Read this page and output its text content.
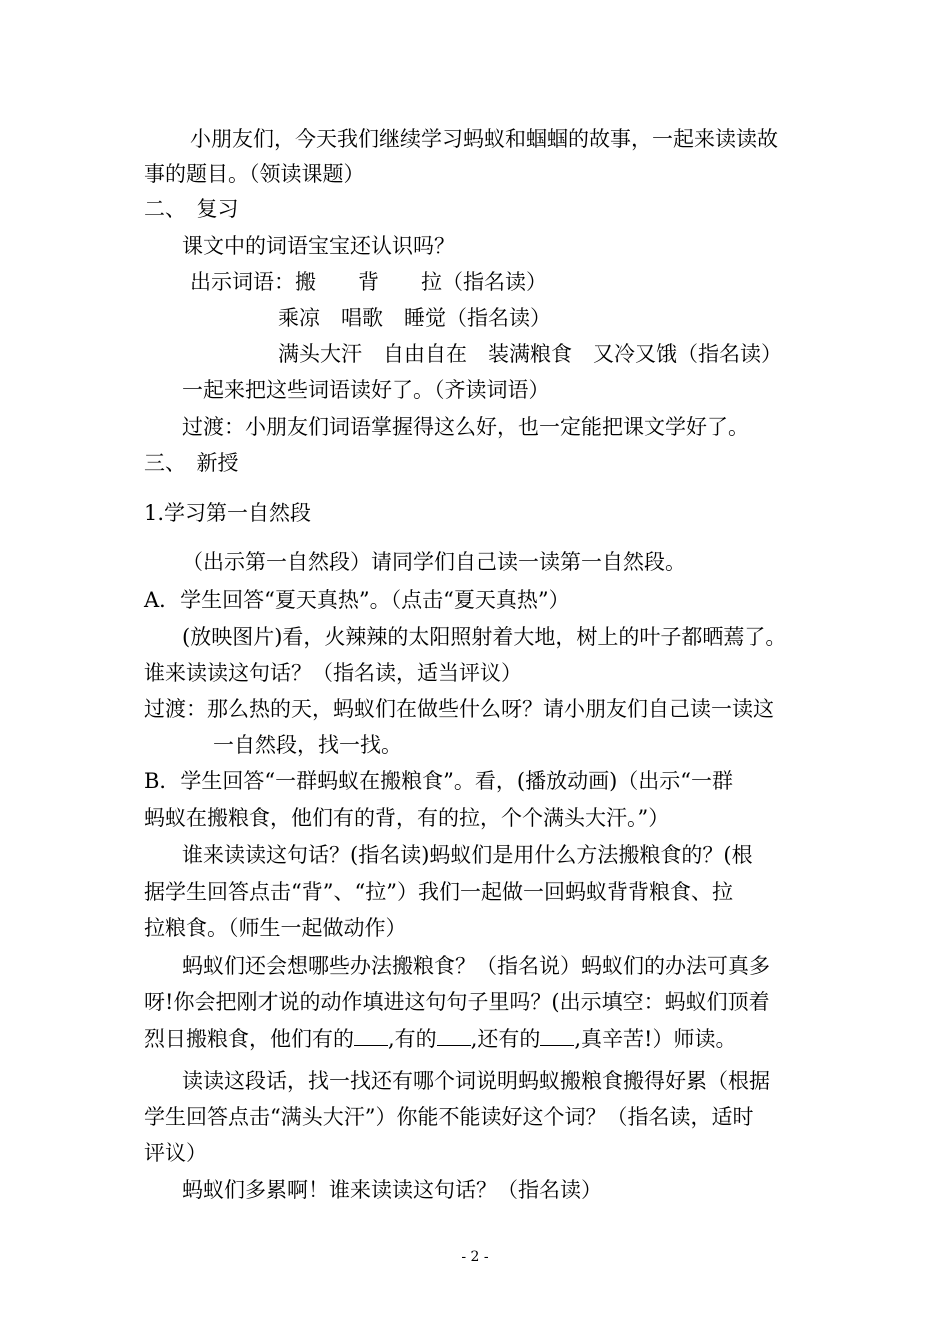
小朋友们，今天我们继续学习蚂蚁和蝈蝈的故事，一起来读读故
事的题目。（领读课题）
二、　复习
课文中的词语宝宝还认识吗？
出示词语：搬　　背　　拉（指名读）
乘凉　唱歌　睡觉（指名读）
满头大汗　自由自在　装满粮食　又冷又饿（指名读）
一起来把这些词语读好了。（齐读词语）
过渡：小朋友们词语掌握得这么好，也一定能把课文学好了。
三、　新授
1.学习第一自然段
（出示第一自然段）请同学们自己读一读第一自然段。
A．学生回答“夏天真热”。（点击“夏天真热”）
(放映图片)看，火辣辣的太阳照射着大地，树上的叶子都晒蔫了。
谁来读读这句话？（指名读，适当评议）
过渡：那么热的天，蚂蚁们在做些什么呀？请小朋友们自己读一读这
一自然段，找一找。
B．学生回答“一群蚂蚁在搬粮食”。看，(播放动画)（出示“一群
蚂蚁在搬粮食，他们有的背，有的拉，个个满头大汗。”）
谁来读读这句话？(指名读)蚂蚁们是用什么方法搬粮食的？(根
据学生回答点击“背”、“拉”）我们一起做一回蚂蚁背背粮食、拉
拉粮食。（师生一起做动作）
蚂蚁们还会想哪些办法搬粮食？（指名说）蚂蚁们的办法可真多
呀!你会把刚才说的动作填进这句句子里吗？(出示填空：蚂蚁们顶着
烈日搬粮食，他们有的 ,有的 ,还有的 ,真辛苦!）师读。
读读这段话，找一找还有哪个词说明蚂蚁搬粮食搬得好累（根据
学生回答点击“满头大汗”）你能不能读好这个词？（指名读，适时
评议）
蚂蚁们多累啊！谁来读读这句话？（指名读）
- 2 -
